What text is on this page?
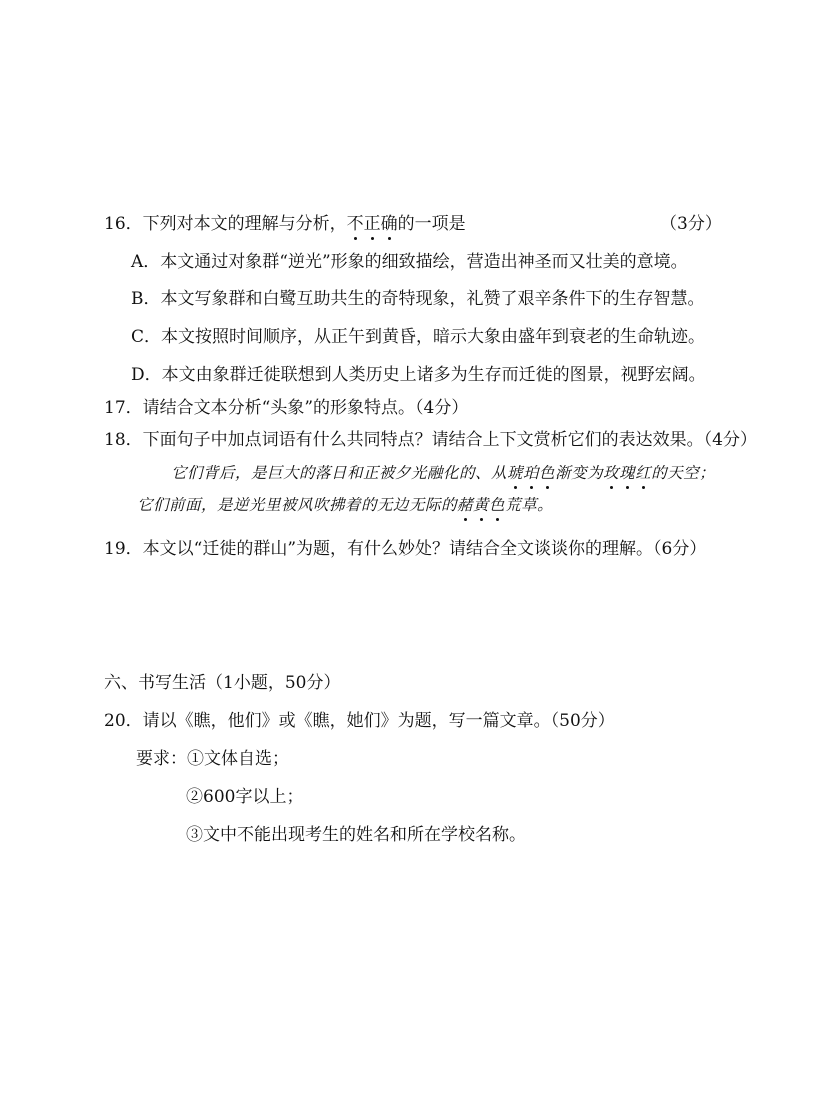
16．下列对本文的理解与分析，不正确的一项是	（3分）
A．本文通过对象群“逆光”形象的细致描绘，营造出神圣而又壮美的意境。
B．本文写象群和白鹭互助共生的奇特现象，礼赞了艰辛条件下的生存智慧。
C．本文按照时间顺序，从正午到黄昏，暗示大象由盛年到衰老的生命轨迹。
D．本文由象群迁徙联想到人类历史上诸多为生存而迁徙的图景，视野宏阔。
17．请结合文本分析“头象”的形象特点。（4分）
18．下面句子中加点词语有什么共同特点？请结合上下文赏析它们的表达效果。（4分）
它们背后，是巨大的落日和正被夕光融化的、从琥珀色渐变为玫瑰红的天空；
它们前面，是逆光里被风吹拂着的无边无际的赭黄色荒草。
19．本文以“迁徙的群山”为题，有什么妙处？请结合全文谈谈你的理解。（6分）
六、书写生活（1小题，50分）
20．请以《瞧，他们》或《瞧，她们》为题，写一篇文章。（50分）
要求：①文体自选；
②600字以上；
③文中不能出现考生的姓名和所在学校名称。
